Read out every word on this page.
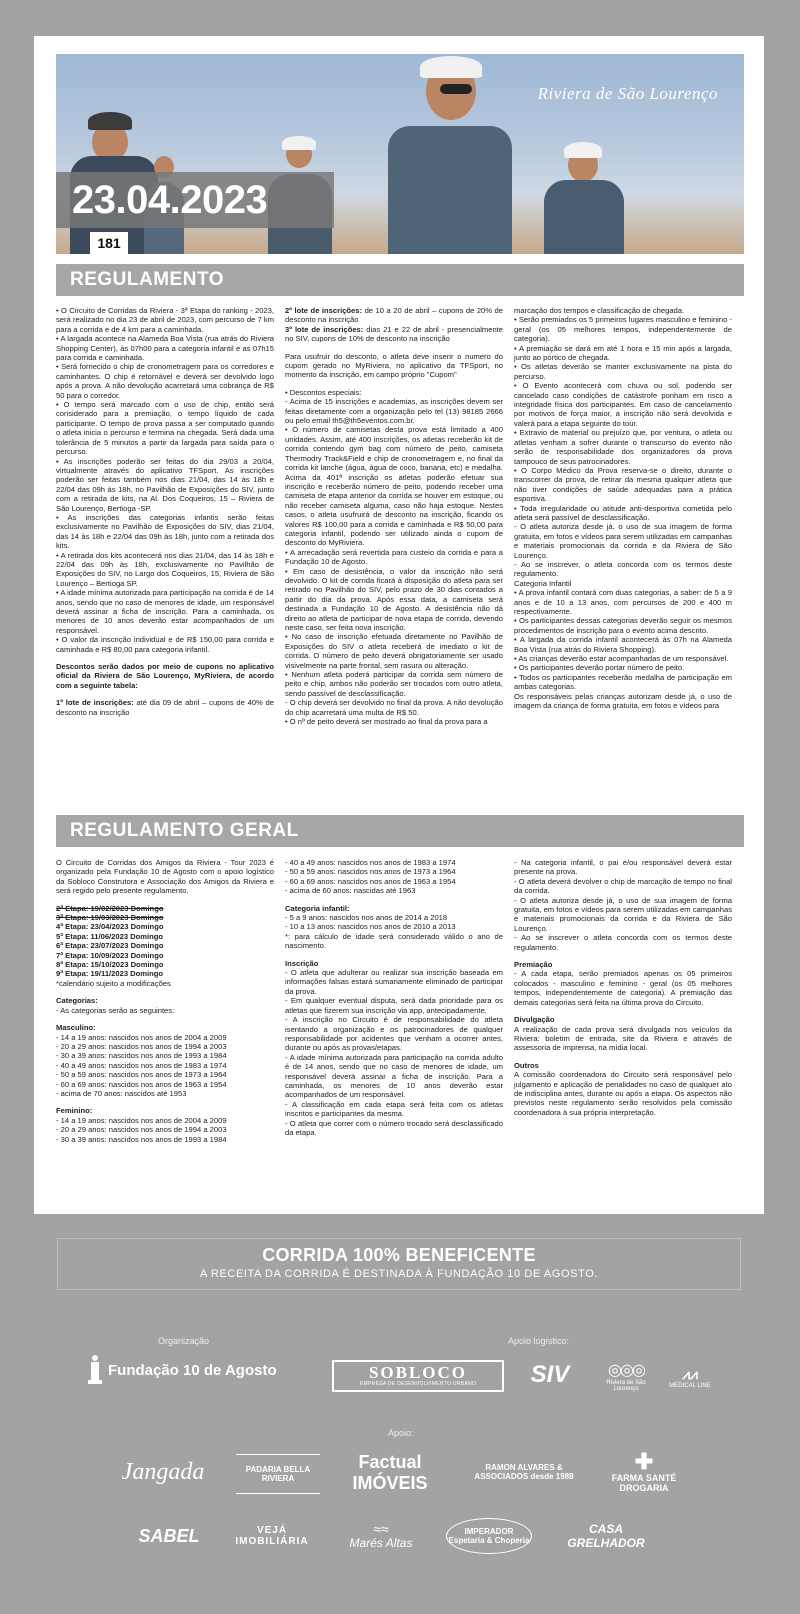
181
Riviera de São Lourenço
23.04.2023
REGULAMENTO

• O Circuito de Corridas da Riviera - 3ª Etapa do ranking - 2023, será realizado no dia 23 de abril de 2023, com percurso de 7 km para a corrida e de 4 km para a caminhada.

• A largada acontece na Alameda Boa Vista (rua atrás do Riviera Shopping Center), às 07h00 para a categoria infantil e as 07h15 para corrida e caminhada.

• Será fornecido o chip de cronometragem para os corredores e caminhantes. O chip é retornável e deverá ser devolvido logo após a prova. A não devolução acarretará uma cobrança de R$ 50 para o corredor.

• O tempo será marcado com o uso de chip, então será considerado para a premiação, o tempo líquido de cada participante. O tempo de prova passa a ser computado quando o atleta inicia o percurso e termina na chegada. Será dada uma tolerância de 5 minutos a partir da largada para saída para o percurso.

• As inscrições poderão ser feitas do dia 29/03 a 20/04, virtualmente através do aplicativo TFSport. As inscrições poderão ser feitas também nos dias 21/04, das 14 às 18h e 22/04 das 09h às 18h, no Pavilhão de Exposições do SIV, junto com a retirada de kits, na Al. Dos Coqueiros, 15 – Riviera de São Lourenço, Bertioga -SP.

• As inscrições das categorias infantis serão feitas exclusivamente no Pavilhão de Exposições do SIV, dias 21/04, das 14 às 18h e 22/04 das 09h às 18h, junto com a retirada dos kits.

• A retirada dos kits acontecerá nos dias 21/04, das 14 às 18h e 22/04 das 09h às 18h, exclusivamente no Pavilhão de Exposições do SIV, no Largo dos Coqueiros, 15, Riviera de São Lourenço – Bertioga SP.

• A idade mínima autorizada para participação na corrida é de 14 anos, sendo que no caso de menores de idade, um responsável deverá assinar a ficha de inscrição. Para a caminhada, os menores de 10 anos deverão estar acompanhados de um responsável.

• O valor da inscrição individual e de R$ 150,00 para corrida e caminhada e R$ 80,00 para categoria infantil.

Descontos serão dados por meio de cupons no aplicativo oficial da Riviera de São Lourenço, MyRiviera, de acordo com a seguinte tabela:

1º lote de inscrições: até dia 09 de abril – cupons de 40% de desconto na inscrição

2º lote de inscrições: de 10 a 20 de abril – cupons de 20% de desconto na inscrição

3º lote de inscrições: dias 21 e 22 de abril - presencialmente no SIV, cupons de 10% de desconto na inscrição

Para usufruir do desconto, o atleta deve inserir o numero do cupom gerado no MyRiviera, no aplicativo da TFSport, no momento da inscrição, em campo próprio "Cupom"

• Descontos especiais:

- Acima de 15 inscrições e academias, as inscrições devem ser feitas diretamente com a organização pelo tel (13) 98185 2666 ou pelo email th5@th5eventos.com.br.

• O número de camisetas desta prova está limitado a 400 unidades. Assim, até 400 inscrições, os atletas receberão kit de corrida contendo gym bag com número de peito, camiseta Thermodry Track&Field e chip de cronometragem e, no final da corrida kit lanche (água, água de coco, banana, etc) e medalha. Acima da 401ª inscrição os atletas poderão efetuar sua inscrição e receberão número de peito, podendo receber uma camiseta de etapa anterior da corrida se houver em estoque, ou não receber camiseta alguma, caso não haja estoque. Nestes casos, o atleta usufruirá de desconto na inscrição, ficando os valores R$ 100,00 para a corrida e caminhada e R$ 50,00 para categoria infantil, podendo ser utilizado ainda o cupom de desconto do MyRiviera.

• A arrecadação será revertida para custeio da corrida e para a Fundação 10 de Agosto.

• Em caso de desistência, o valor da inscrição não será devolvido. O kit de corrida ficará à disposição do atleta para ser retirado no Pavilhão do SIV, pelo prazo de 30 dias contados a partir do dia da prova. Após essa data, a camiseta será destinada a Fundação 10 de Agosto. A desistência não dá direito ao atleta de participar de nova etapa de corrida, devendo neste caso, ser feita nova inscrição.

• No caso de inscrição efetuada diretamente no Pavilhão de Exposições do SIV o atleta receberá de imediato o kit de corrida. O número de peito deverá obrigatoriamente ser usado visivelmente na parte frontal, sem rasura ou alteração.

• Nenhum atleta poderá participar da corrida sem número de peito e chip, ambos não poderão ser trocados com outro atleta, sendo passível de desclassificação.

- O chip deverá ser devolvido no final da prova. A não devolução do chip acarretará uma multa de R$ 50.

• O nº de peito deverá ser mostrado ao final da prova para a

marcação dos tempos e classificação de chegada.

• Serão premiados os 5 primeiros lugares masculino e feminino - geral (os 05 melhores tempos, independentemente de categoria).

• A premiação se dará em até 1 hora e 15 min após a largada, junto ao pórtico de chegada.

• Os atletas deverão se manter exclusivamente na pista do percurso.

• O Evento acontecerá com chuva ou sol, podendo ser cancelado caso condições de catástrofe ponham em risco a integridade física dos participantes. Em caso de cancelamento por motivos de força maior, a inscrição não será devolvida e valerá para a etapa seguinte do tour.

• Extravio de material ou prejuízo que, por ventura, o atleta ou atletas venham a sofrer durante o transcurso do evento não serão de responsabilidade dos organizadores da prova tampouco de seus patrocinadores.

• O Corpo Médico da Prova reserva-se o direito, durante o transcorrer da prova, de retirar da mesma qualquer atleta que não tiver condições de saúde adequadas para a prática esportiva.

• Toda irregularidade ou atitude anti-desportiva cometida pelo atleta será passível de desclassificação.

- O atleta autoriza desde já, o uso de sua imagem de forma gratuita, em fotos e vídeos para serem utilizadas em campanhas e materiais promocionais da corrida e da Riviera de São Lourenço.

- Ao se inscrever, o atleta concorda com os termos deste regulamento.

Categoria Infantil

• A prova infantil contará com duas categorias, a saber: de 5 a 9 anos e de 10 a 13 anos, com percursos de 200 e 400 m respectivamente.

• Os participantes dessas categorias deverão seguir os mesmos procedimentos de inscrição para o evento acima descrito.

• A largada da corrida infantil acontecerá às 07h na Alameda Boa Vista (rua atrás do Riviera Shopping).

• As crianças deverão estar acompanhadas de um responsável.

• Os participantes deverão portar número de peito.

• Todos os participantes receberão medalha de participação em ambas categorias.

Os responsáveis pelas crianças autorizam desde já, o uso de imagem da criança de forma gratuita, em fotos e vídeos para

REGULAMENTO GERAL

O Circuito de Corridas dos Amigos da Riviera - Tour 2023 é organizado pela Fundação 10 de Agosto com o apoio logístico da Sobloco Construtora e Associação dos Amigos da Riviera e será regido pelo presente regulamento.

2ª Etapa: 19/02/2023 Domingo

3ª Etapa: 19/03/2023 Domingo

4ª Etapa: 23/04/2023 Domingo

5ª Etapa: 11/06/2023 Domingo

6ª Etapa: 23/07/2023 Domingo

7ª Etapa: 10/09/2023 Domingo

8ª Etapa: 15/10/2023 Domingo

9ª Etapa: 19/11/2023 Domingo

*calendário sujeito a modificações

Categorias:

- As categorias serão as seguintes:

Masculino:

- 14 a 19 anos: nascidos nos anos de 2004 a 2009

- 20 a 29 anos: nascidos nos anos de 1994 a 2003

- 30 a 39 anos: nascidos nos anos de 1993 a 1984

- 40 a 49 anos: nascidos nos anos de 1983 a 1974

- 50 a 59 anos: nascidos nos anos de 1973 a 1964

- 60 a 69 anos: nascidos nos anos de 1963 a 1954

- acima de 70 anos: nascidos até 1953

Feminino:

- 14 a 19 anos: nascidos nos anos de 2004 a 2009

- 20 a 29 anos: nascidos nos anos de 1994 a 2003

- 30 a 39 anos: nascidos nos anos de 1993 a 1984

- 40 a 49 anos: nascidos nos anos de 1983 a 1974

- 50 a 59 anos: nascidos nos anos de 1973 a 1964

- 60 a 69 anos: nascidos nos anos de 1963 a 1954

- acima de 60 anos: nascidas até 1963

Categoria infantil:

- 5 a 9 anos: nascidos nos anos de 2014 a 2018

- 10 a 13 anos: nascidos nos anos de 2010 a 2013

*: para cálculo de idade será considerado válido o ano de nascimento.

Inscrição

- O atleta que adulterar ou realizar sua inscrição baseada em informações falsas estará sumariamente eliminado de participar da prova.

- Em qualquer eventual disputa, será dada prioridade para os atletas que fizerem sua inscrição via app, antecipadamente.

- A inscrição no Circuito é de responsabilidade do atleta isentando a organização e os patrocinadores de qualquer responsabilidade por acidentes que venham a ocorrer antes, durante ou após as provas/etapas.

- A idade mínima autorizada para participação na corrida adulto é de 14 anos, sendo que no caso de menores de idade, um responsável deverá assinar a ficha de inscrição. Para a caminhada, os menores de 10 anos deverão estar acompanhados de um responsável.

- A classificação em cada etapa será feita com os atletas inscritos e participantes da mesma.

- O atleta que correr com o número trocado será desclassificado da etapa.

- Na categoria infantil, o pai e/ou responsável deverá estar presente na prova.

- O atleta deverá devolver o chip de marcação de tempo no final da corrida.

- O atleta autoriza desde já, o uso de sua imagem de forma gratuita, em fotos e vídeos para serem utilizadas em campanhas e materiais promocionais da corrida e da Riviera de São Lourenço.

- Ao se inscrever o atleta concorda com os termos deste regulamento.

Premiação

- A cada etapa, serão premiados apenas os 05 primeiros colocados - masculino e feminino - geral (os 05 melhores tempos, independentemente de categoria). A premiação das demais categorias será feita na última prova do Circuito.

Divulgação

A realização de cada prova será divulgada nos veículos da Riviera: boletim de entrada, site da Riviera e através de assessoria de imprensa, na mídia local.

Outros

A comissão coordenadora do Circuito será responsável pelo julgamento e aplicação de penalidades no caso de qualquer ato de indisciplina antes, durante ou após a etapa. Os aspectos não previstos neste regulamento serão resolvidos pela comissão coordenadora à sua própria interpretação.

CORRIDA 100% BENEFICENTE
A RECEITA DA CORRIDA É DESTINADA À FUNDAÇÃO 10 DE AGOSTO.
Organização
Fundação 10 de Agosto
Apoio logístico:
SOBLOCO
EMPRESA DE DESENVOLVIMENTO URBANO	SIV	◎◎◎
Riviera de São Lourenço
⩘⩘
MEDICAL LINE
Apoio:
Jangada	PADARIA BELLA RIVIERA
Factual IMÓVEIS
RAMON ALVARES & ASSOCIADOS desde 1988
✚
FARMA SANTÉ DROGARIA
SABEL	VEJÁ IMOBILIÁRIA
≈≈
Marés Altas
IMPERADOR Espetaria & Choperia
CASA GRELHADOR
